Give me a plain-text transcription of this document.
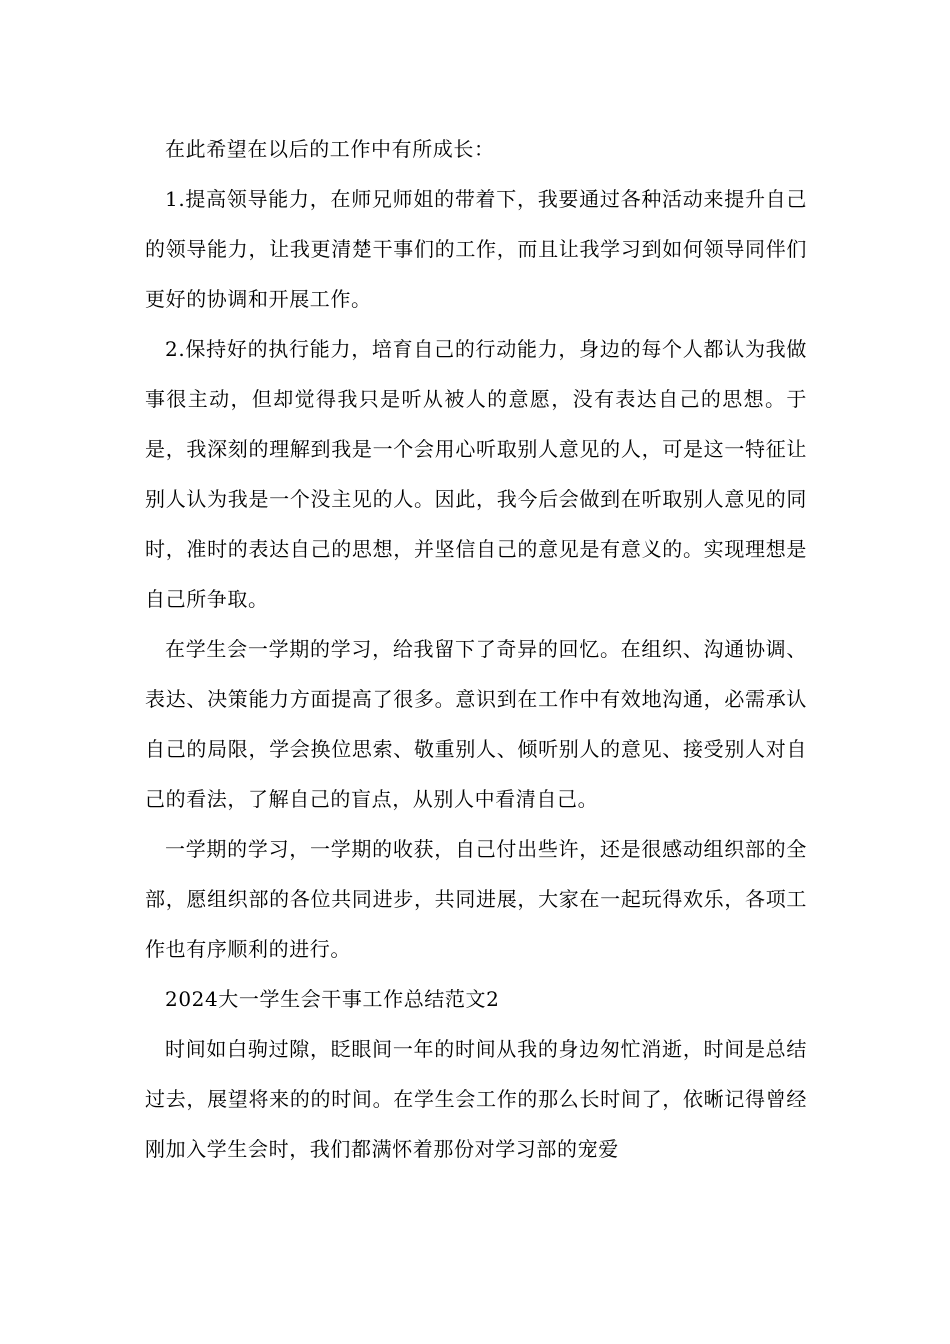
在此希望在以后的工作中有所成长：

1.提高领导能力，在师兄师姐的带着下，我要通过各种活动来提升自己的领导能力，让我更清楚干事们的工作，而且让我学习到如何领导同伴们更好的协调和开展工作。

2.保持好的执行能力，培育自己的行动能力，身边的每个人都认为我做事很主动，但却觉得我只是听从被人的意愿，没有表达自己的思想。于是，我深刻的理解到我是一个会用心听取别人意见的人，可是这一特征让别人认为我是一个没主见的人。因此，我今后会做到在听取别人意见的同时，准时的表达自己的思想，并坚信自己的意见是有意义的。实现理想是自己所争取。

在学生会一学期的学习，给我留下了奇异的回忆。在组织、沟通协调、表达、决策能力方面提高了很多。意识到在工作中有效地沟通，必需承认自己的局限，学会换位思索、敬重别人、倾听别人的意见、接受别人对自己的看法，了解自己的盲点，从别人中看清自己。

一学期的学习，一学期的收获，自己付出些许，还是很感动组织部的全部，愿组织部的各位共同进步，共同进展，大家在一起玩得欢乐，各项工作也有序顺利的进行。

2024大一学生会干事工作总结范文2

时间如白驹过隙，眨眼间一年的时间从我的身边匆忙消逝，时间是总结过去，展望将来的的时间。在学生会工作的那么长时间了，依晰记得曾经刚加入学生会时，我们都满怀着那份对学习部的宠爱
